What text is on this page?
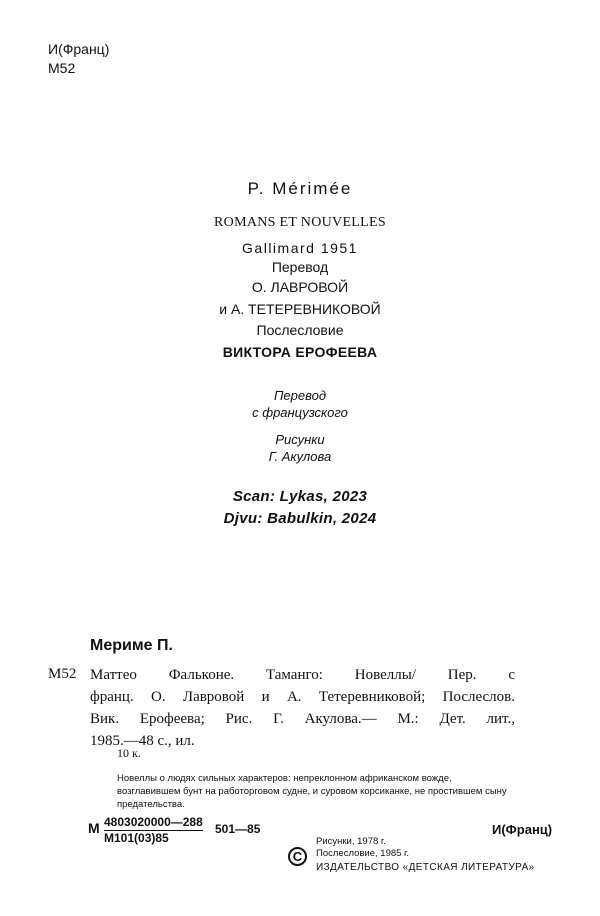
И(Франц)
М52
P. Mérimée
ROMANS ET NOUVELLES
Gallimard 1951
Перевод
О. ЛАВРОВОЙ
и А. ТЕТЕРЕВНИКОВОЙ
Послесловие
ВИКТОРА ЕРОФЕЕВА
Перевод
с французского
Рисунки
Г. Акулова
Scan: Lykas, 2023
Djvu: Babulkin, 2024
Мериме П.
М52 Маттео Фальконе. Таманго: Новеллы/ Пер. с
франц. О. Лавровой и А. Тетеревниковой; Послеслов.
Вик. Ерофеева; Рис. Г. Акулова.— М.: Дет. лит.,
1985.—48 с., ил.
10 к.
Новеллы о людях сильных характеров: непреклонном африканском вожде, возглавившем бунт на работорговом судне, и суровом корсиканке, не простившем сыну предательства.
М 4803020000—288
М101(03)85
501—85	И(Франц)
Рисунки, 1978 г.
Послесловие, 1985 г.
C
ИЗДАТЕЛЬСТВО «ДЕТСКАЯ ЛИТЕРАТУРА»
